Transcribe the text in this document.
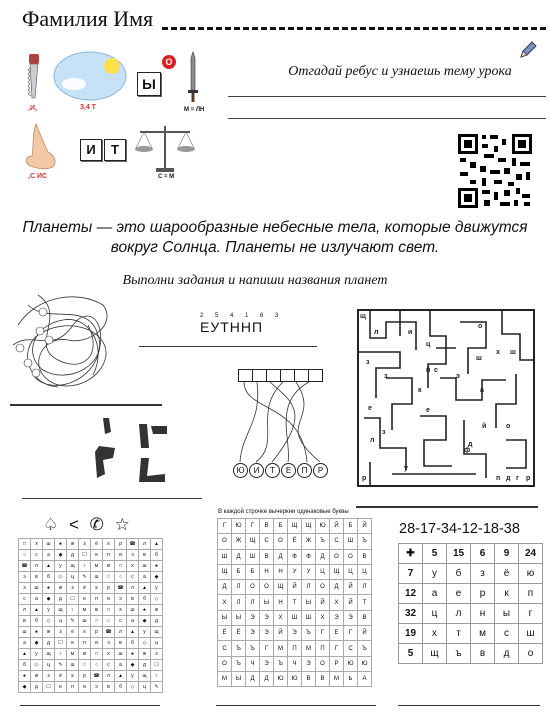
Фамилия Имя
,И,	3,4 Т
Ы
О
М = ЛН
,С ИС
И	Т
С = М
Отгадай ребус и узнаешь тему урока
Планеты — это шарообразные небесные тела, которые движутся вокруг Солнца. Планеты не излучают свет.
Выполни задания и напиши названия планет
2 5 4 1 6 3
ЕУТННП
щ
о
л	и
ц
ш
х ш
з
й с
к
э
а
з
е	е
о
й
л
з
ф
у
д
р	п д г р
Ю	И	Т	Е	П	Р
♤ < ✆ ☆
□	х	ш	♠	ж	з	ё	к	р	☎	л	▲
○	с	а	◆	д	☐	е	п	и	э	в	б
☎	л	▲	у	щ	♀	м	ю	□	х	ш	♠
э	в	б	◇	ц	✎	ш	☆	○	с	а	◆
х	ш	♠	ж	з	ё	к	р	☎	л	▲	у
с	а	◆	д	☐	е	п	и	э	в	б	◇
л	▲	у	щ	♀	м	ю	□	х	ш	♠	ж
в	б	◇	ц	✎	ш	☆	○	с	а	◆	д
ш	♠	ж	з	ё	к	р	☎	л	▲	у	щ
а	◆	д	☐	е	п	и	э	в	б	◇	ц
▲	у	щ	♀	м	ю	□	х	ш	♠	ж	з
б	◇	ц	✎	ш	☆	○	с	а	◆	д	☐
♠	ж	з	ё	к	р	☎	л	▲	у	щ	♀
◆	д	☐	е	п	и	э	в	б	◇	ц	✎
В каждой строчке вычеркни одинаковые буквы
Г	Ю	Г	В	Б	Щ	Щ	Ю	Й	Б	Й
О	Ж	Щ	С	О	Ё	Ж	Ъ	С	Ш	Ъ
Ш	Д	Ш	В	Д	Ф	Ф	Д	О	О	В
Щ	Б	Б	Н	Н	У	У	Ц	Щ	Ц	Ц
Д	Л	О	О	Щ	Й	Л	О	Д	Й	Л
Х	Л	Л	Ы	Н	Т	Ы	Й	Х	Й	Т
Ы	Ы	Э	Э	Х	Ш	Ш	Х	Э	Э	В
Ё	Ё	Э	Э	Й	Э	Ъ	Г	Е	Г	Й
С	Ъ	Ъ	Г	М	П	М	П	Г	С	Ъ
О	Ъ	Ч	Э	Ъ	Ч	Э	О	Р	Ю	Ю
М	Ы	Д	Д	Ю	Ю	В	В	М	Ь	А
28-17-34-12-18-38
✚	5	15	6	9	24
7	у	б	з	ё	ю
12	а	е	р	к	п
32	ц	л	н	ы	г
19	х	т	м	с	ш
5	щ	ъ	в	д	о
